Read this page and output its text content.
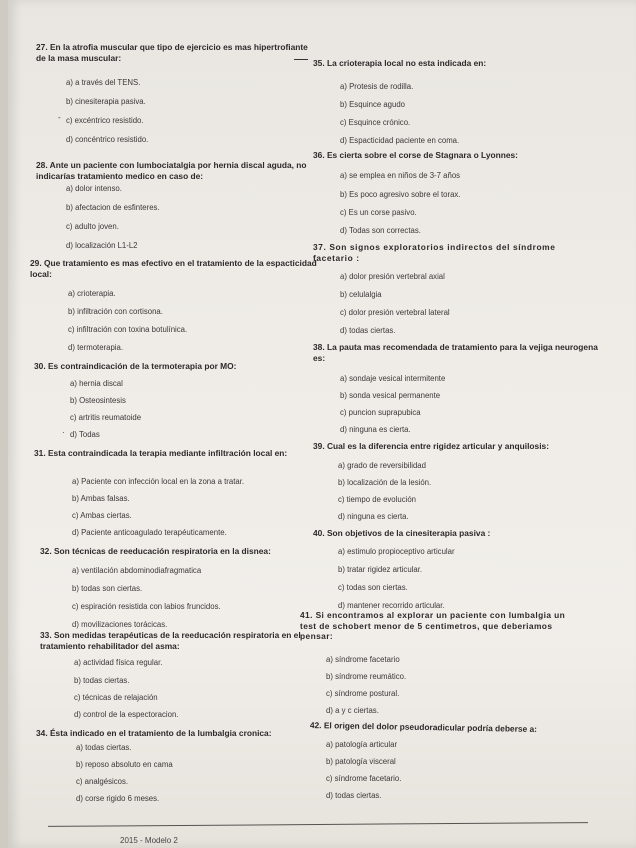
27. En la atrofia muscular que tipo de ejercicio es mas hipertrofiante de la masa muscular:
a) a través del TENS.
b) cinesiterapia pasiva.
- c) excéntrico resistido.
d) concéntrico resistido.
28. Ante un paciente con lumbociatalgia por hernia discal aguda, no indicarías tratamiento medico en caso de:
a) dolor intenso.
b) afectacion de esfinteres.
c) adulto joven.
d) localización L1-L2
29. Que tratamiento es mas efectivo en el tratamiento de la espacticidad local:
a) crioterapia.
b) infiltración con cortisona.
c) infiltración con toxina botulínica.
d) termoterapia.
30. Es contraindicación de la termoterapia por MO:
a) hernia discal
b) Osteosintesis
c) artritis reumatoide
· d) Todas
31. Esta contraindicada la terapia mediante infiltración local en:
a) Paciente con infección local en la zona a tratar.
b) Ambas falsas.
c) Ambas ciertas.
d) Paciente anticoagulado terapéuticamente.
32. Son técnicas de reeducación respiratoria en la disnea:
a) ventilación abdominodiafragmatica
b) todas son ciertas.
c) espiración resistida con labios fruncidos.
d) movilizaciones torácicas.
33. Son medidas terapéuticas de la reeducación respiratoria en el tratamiento rehabilitador del asma:
a) actividad física regular.
b) todas ciertas.
c) técnicas de relajación
d) control de la espectoracion.
34. Ésta indicado en el tratamiento de la lumbalgia cronica:
a) todas ciertas.
b) reposo absoluto en cama
c) analgésicos.
d) corse rigido 6 meses.
35. La crioterapia local no esta indicada en:
a) Protesis de rodilla.
b) Esquince agudo
c) Esquince crónico.
d) Espacticidad paciente en coma.
36. Es cierta sobre el corse de Stagnara o Lyonnes:
a) se emplea en niños de 3-7 años
b) Es poco agresivo sobre el torax.
c) Es un corse pasivo.
d) Todas son correctas.
37. Son signos exploratorios indirectos del síndrome facetario :
a) dolor presión vertebral axial
b) celulalgia
c) dolor presión vertebral lateral
d) todas ciertas.
38. La pauta mas recomendada de tratamiento para la vejiga neurogena es:
a) sondaje vesical intermitente
b) sonda vesical permanente
c) puncion suprapubica
d) ninguna es cierta.
39. Cual es la diferencia entre rigidez articular y anquilosis:
a) grado de reversibilidad
b) localización de la lesión.
c) tiempo de evolución
d) ninguna es cierta.
40. Son objetivos de la cinesiterapia pasiva :
a) estimulo propioceptivo articular
b) tratar rigidez articular.
c) todas son ciertas.
d) mantener recorrido articular.
41. Si encontramos al explorar un paciente con lumbalgia un test de schobert menor de 5 centimetros, que deberiamos pensar:
a) síndrome facetario
b) síndrome reumático.
c) síndrome postural.
d) a y c ciertas.
42. El origen del dolor pseudoradicular podría deberse a:
a) patología articular
b) patología visceral
c) síndrome facetario.
d) todas ciertas.
2015 - Modelo 2
